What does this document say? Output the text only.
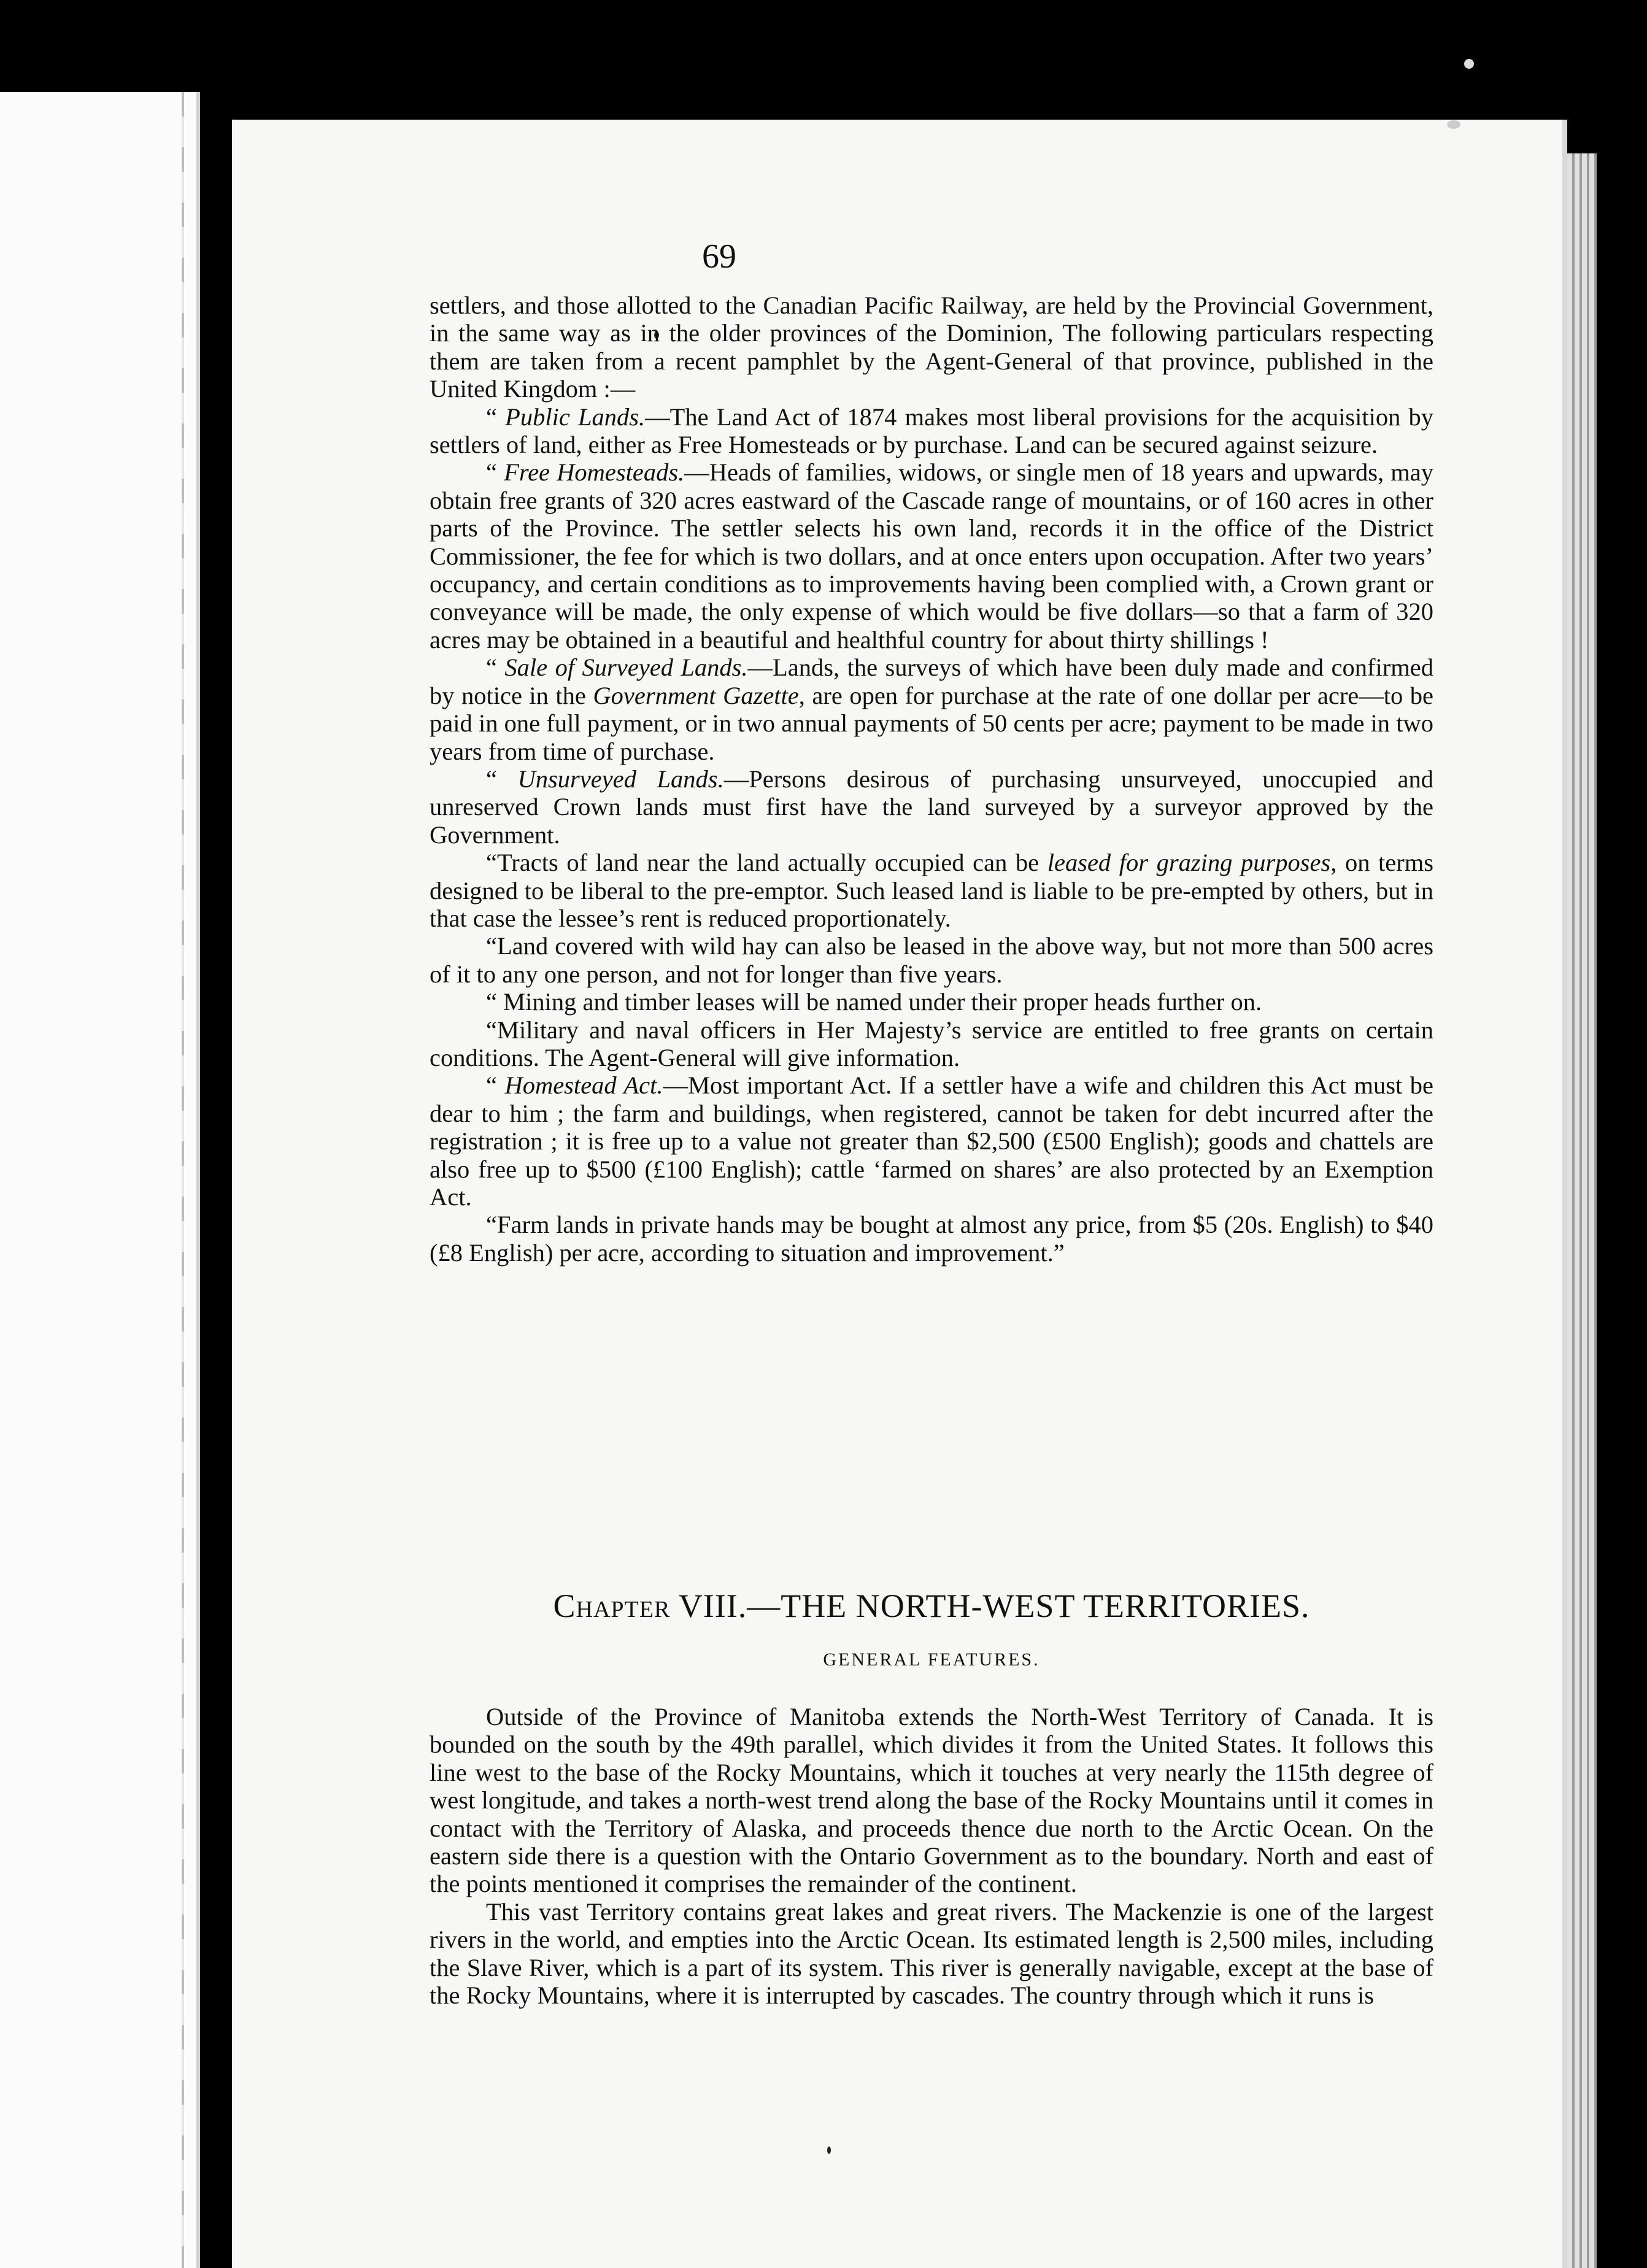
69

settlers, and those allotted to the Canadian Pacific Railway, are held by the Provincial Government, in the same way as in the older provinces of the Dominion, The following particulars respecting them are taken from a recent pamphlet by the Agent-General of that province, published in the United Kingdom :—

“ Public Lands.—The Land Act of 1874 makes most liberal provisions for the acquisition by settlers of land, either as Free Homesteads or by purchase. Land can be secured against seizure.

“ Free Homesteads.—Heads of families, widows, or single men of 18 years and upwards, may obtain free grants of 320 acres eastward of the Cascade range of mountains, or of 160 acres in other parts of the Province. The settler selects his own land, records it in the office of the District Commissioner, the fee for which is two dollars, and at once enters upon occupation. After two years’ occupancy, and certain conditions as to improvements having been complied with, a Crown grant or conveyance will be made, the only expense of which would be five dollars—so that a farm of 320 acres may be obtained in a beautiful and healthful country for about thirty shillings !

“ Sale of Surveyed Lands.—Lands, the surveys of which have been duly made and confirmed by notice in the Government Gazette, are open for purchase at the rate of one dollar per acre—to be paid in one full payment, or in two annual payments of 50 cents per acre; payment to be made in two years from time of purchase.

“ Unsurveyed Lands.—Persons desirous of purchasing unsurveyed, unoccupied and unreserved Crown lands must first have the land surveyed by a surveyor approved by the Government.

“Tracts of land near the land actually occupied can be leased for grazing purposes, on terms designed to be liberal to the pre-emptor. Such leased land is liable to be pre-empted by others, but in that case the lessee’s rent is reduced proportionately.

“Land covered with wild hay can also be leased in the above way, but not more than 500 acres of it to any one person, and not for longer than five years.

“ Mining and timber leases will be named under their proper heads further on.

“Military and naval officers in Her Majesty’s service are entitled to free grants on certain conditions. The Agent-General will give information.

“ Homestead Act.—Most important Act. If a settler have a wife and children this Act must be dear to him ; the farm and buildings, when registered, cannot be taken for debt incurred after the registration ; it is free up to a value not greater than $2,500 (£500 English); goods and chattels are also free up to $500 (£100 English); cattle ‘farmed on shares’ are also protected by an Exemption Act.

“Farm lands in private hands may be bought at almost any price, from $5 (20s. English) to $40 (£8 English) per acre, according to situation and improvement.”

Chapter VIII.—THE NORTH-WEST TERRITORIES.
GENERAL FEATURES.

Outside of the Province of Manitoba extends the North-West Territory of Canada. It is bounded on the south by the 49th parallel, which divides it from the United States. It follows this line west to the base of the Rocky Mountains, which it touches at very nearly the 115th degree of west longitude, and takes a north-west trend along the base of the Rocky Mountains until it comes in contact with the Territory of Alaska, and proceeds thence due north to the Arctic Ocean. On the eastern side there is a question with the Ontario Government as to the boundary. North and east of the points mentioned it comprises the remainder of the continent.

This vast Territory contains great lakes and great rivers. The Mackenzie is one of the largest rivers in the world, and empties into the Arctic Ocean. Its estimated length is 2,500 miles, including the Slave River, which is a part of its system. This river is generally navigable, except at the base of the Rocky Mountains, where it is interrupted by cascades. The country through which it runs is
